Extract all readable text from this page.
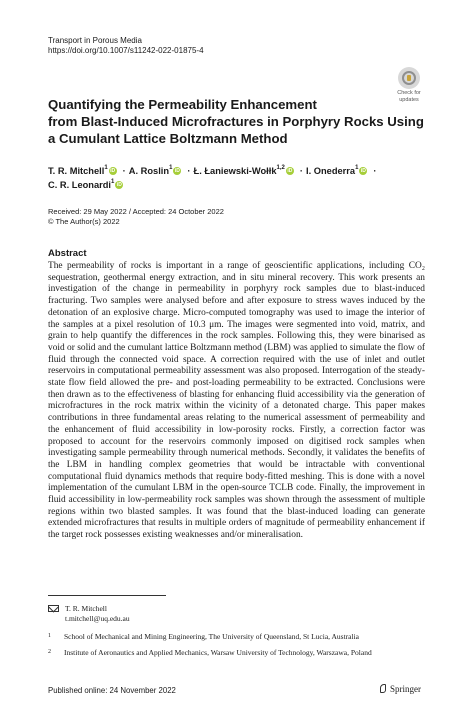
Transport in Porous Media
https://doi.org/10.1007/s11242-022-01875-4
Check for
updates
Quantifying the Permeability Enhancement
from Blast-Induced Microfractures in Porphyry Rocks Using
a Cumulant Lattice Boltzmann Method
T. R. Mitchell 1 iD · A. Roslin 1 iD · Ł. Łaniewski-Wołłk 1,2 iD · I. Onederra 1 iD ·
C. R. Leonardi 1 iD
Received: 29 May 2022 / Accepted: 24 October 2022
© The Author(s) 2022
Abstract

The permeability of rocks is important in a range of geoscientific applications, including CO₂ sequestration, geothermal energy extraction, and in situ mineral recovery. This work presents an investigation of the change in permeability in porphyry rock samples due to blast-induced fracturing. Two samples were analysed before and after exposure to stress waves induced by the detonation of an explosive charge. Micro-computed tomography was used to image the interior of the samples at a pixel resolution of 10.3 μm. The images were segmented into void, matrix, and grain to help quantify the differences in the rock samples. Following this, they were binarised as void or solid and the cumulant lattice Boltzmann method (LBM) was applied to simulate the flow of fluid through the connected void space. A correction required with the use of inlet and outlet reservoirs in computational permeability assessment was also proposed. Interrogation of the steady-state flow field allowed the pre- and post-loading permeability to be extracted. Conclusions were then drawn as to the effectiveness of blasting for enhancing fluid accessibility via the generation of microfractures in the rock matrix within the vicinity of a detonated charge. This paper makes contributions in three fundamental areas relating to the numerical assessment of permeability and the enhancement of fluid accessibility in low-porosity rocks. Firstly, a correction factor was proposed to account for the reservoirs commonly imposed on digitised rock samples when investigating sample permeability through numerical methods. Secondly, it validates the benefits of the LBM in handling complex geometries that would be intractable with conventional computational fluid dynamics methods that require body-fitted meshing. This is done with a novel implementation of the cumulant LBM in the open-source TCLB code. Finally, the improvement in fluid accessibility in low-permeability rock samples was shown through the assessment of multiple regions within two blasted samples. It was found that the blast-induced loading can generate extended microfractures that results in multiple orders of magnitude of permeability enhancement if the target rock possesses existing weaknesses and/or mineralisation.

T. R. Mitchell
t.mitchell@uq.edu.au
1 School of Mechanical and Mining Engineering, The University of Queensland, St Lucia, Australia
2 Institute of Aeronautics and Applied Mechanics, Warsaw University of Technology, Warszawa, Poland
Published online: 24 November 2022	Springer
